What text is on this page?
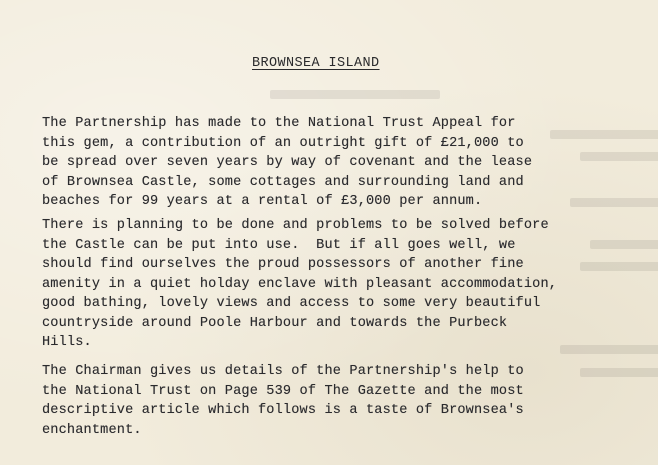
BROWNSEA ISLAND
The Partnership has made to the National Trust Appeal for
this gem, a contribution of an outright gift of £21,000 to
be spread over seven years by way of covenant and the lease
of Brownsea Castle, some cottages and surrounding land and
beaches for 99 years at a rental of £3,000 per annum.
There is planning to be done and problems to be solved before
the Castle can be put into use.  But if all goes well, we
should find ourselves the proud possessors of another fine
amenity in a quiet holday enclave with pleasant accommodation,
good bathing, lovely views and access to some very beautiful
countryside around Poole Harbour and towards the Purbeck
Hills.
The Chairman gives us details of the Partnership's help to
the National Trust on Page 539 of The Gazette and the most
descriptive article which follows is a taste of Brownsea's
enchantment.
